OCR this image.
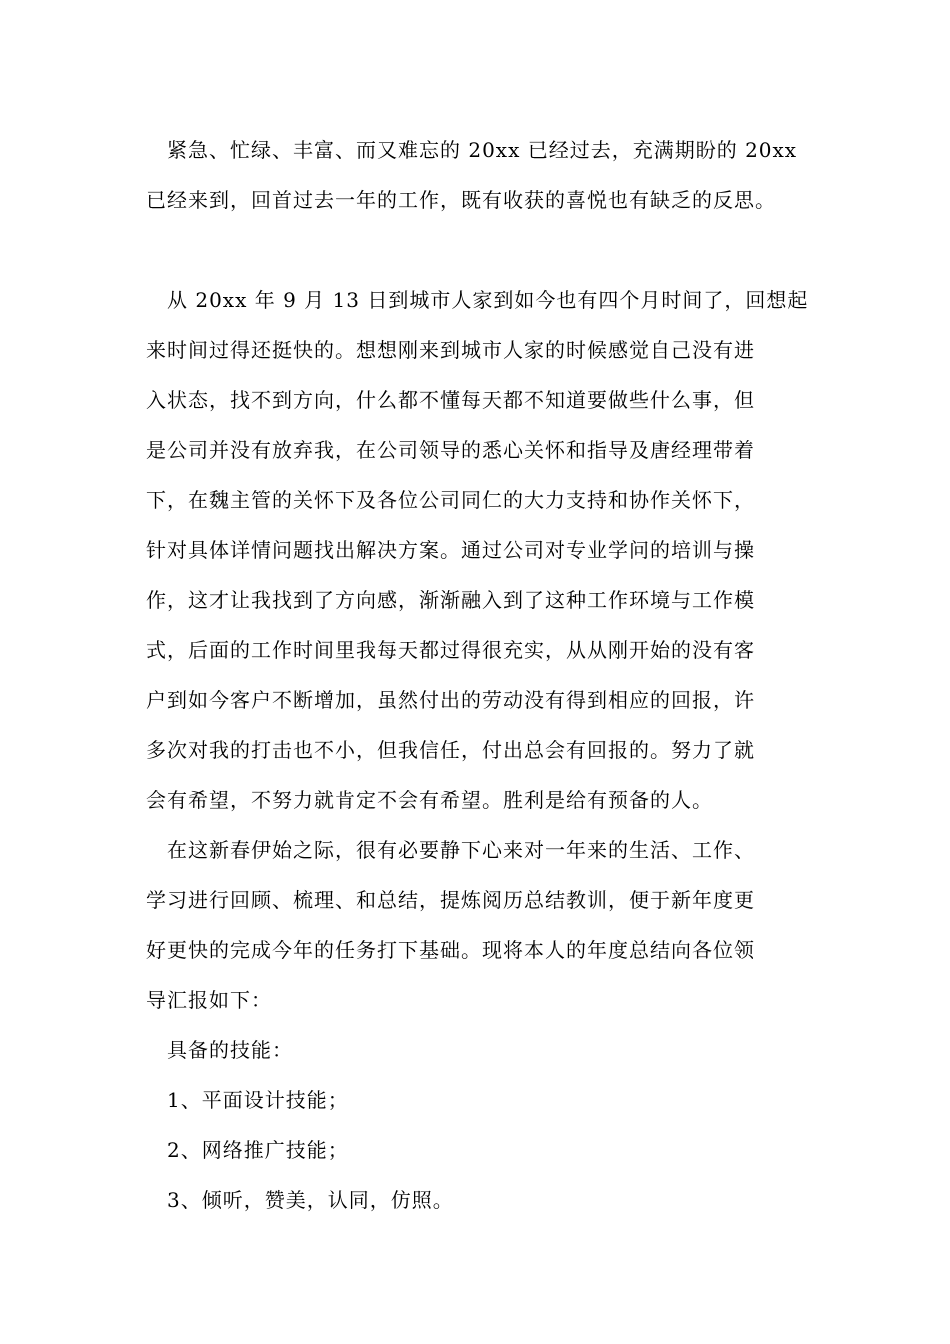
　紧急、忙绿、丰富、而又难忘的 20xx 已经过去，充满期盼的 20xx
已经来到，回首过去一年的工作，既有收获的喜悦也有缺乏的反思。
　从 20xx 年 9 月 13 日到城市人家到如今也有四个月时间了，回想起
来时间过得还挺快的。想想刚来到城市人家的时候感觉自己没有进
入状态，找不到方向，什么都不懂每天都不知道要做些什么事，但
是公司并没有放弃我，在公司领导的悉心关怀和指导及唐经理带着
下，在魏主管的关怀下及各位公司同仁的大力支持和协作关怀下，
针对具体详情问题找出解决方案。通过公司对专业学问的培训与操
作，这才让我找到了方向感，渐渐融入到了这种工作环境与工作模
式，后面的工作时间里我每天都过得很充实，从从刚开始的没有客
户到如今客户不断增加，虽然付出的劳动没有得到相应的回报，许
多次对我的打击也不小，但我信任，付出总会有回报的。努力了就
会有希望，不努力就肯定不会有希望。胜利是给有预备的人。
　在这新春伊始之际，很有必要静下心来对一年来的生活、工作、
学习进行回顾、梳理、和总结，提炼阅历总结教训，便于新年度更
好更快的完成今年的任务打下基础。现将本人的年度总结向各位领
导汇报如下：
　具备的技能：
　1、平面设计技能；
　2、网络推广技能；
　3、倾听，赞美，认同，仿照。
